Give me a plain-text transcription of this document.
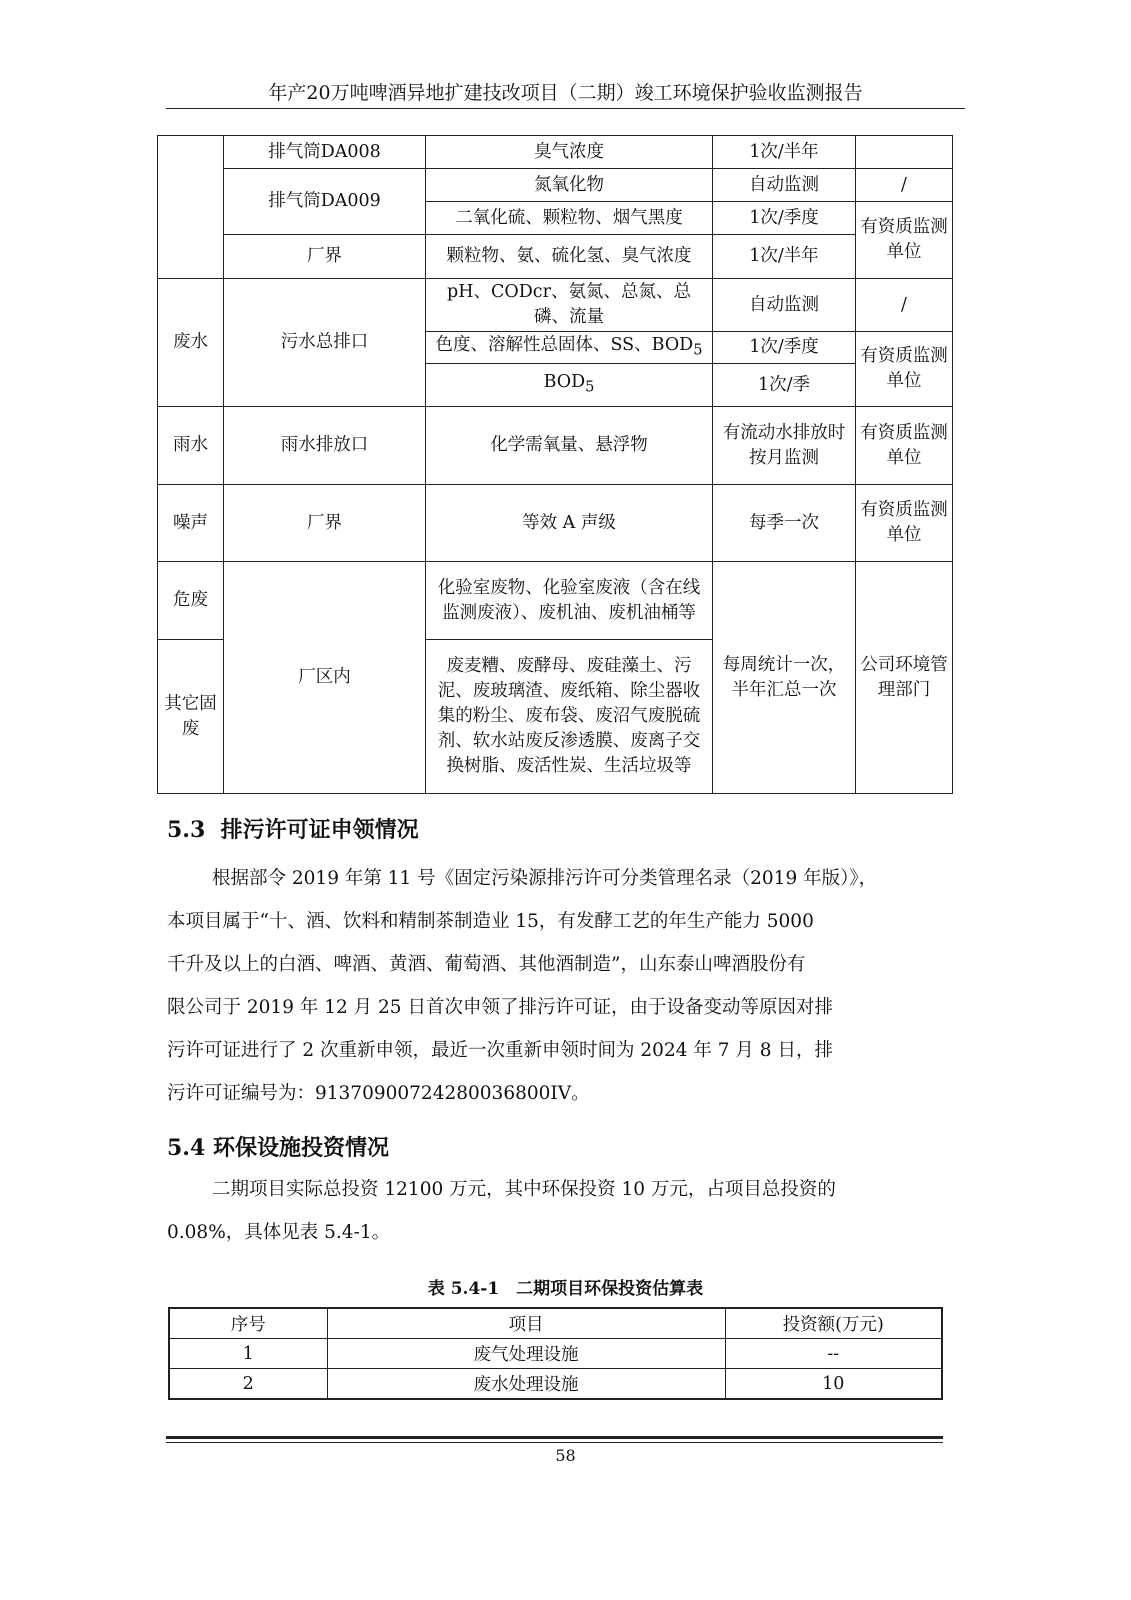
年产20万吨啤酒异地扩建技改项目（二期）竣工环境保护验收监测报告
	排气筒DA008	臭气浓度	1次/半年	
	排气筒DA009	氮氧化物	自动监测	/
		二氧化硫、颗粒物、烟气黑度	1次/季度	有资质监测单位
	厂界	颗粒物、氨、硫化氢、臭气浓度	1次/半年	
废水	污水总排口	pH、CODcr、氨氮、总氮、总磷、流量	自动监测	/
		色度、溶解性总固体、SS、$BOD_5$	1次/季度	有资质监测单位
		$BOD_5$	1次/季	
雨水	雨水排放口	化学需氧量、悬浮物	有流动水排放时按月监测	有资质监测单位
噪声	厂界	等效 A 声级	每季一次	有资质监测单位
危废	厂区内	化验室废物、化验室废液（含在线监测废液）、废机油、废机油桶等	每周统计一次，半年汇总一次	公司环境管理部门
其它固废		废麦糟、废酵母、废硅藻土、污泥、废玻璃渣、废纸箱、除尘器收集的粉尘、废布袋、废沼气废脱硫剂、软水站废反渗透膜、废离子交换树脂、废活性炭、生活垃圾等		
5.3 排污许可证申领情况

根据部令 2019 年第 11 号《固定污染源排污许可分类管理名录（2019 年版）》，

本项目属于“十、酒、饮料和精制茶制造业 15，有发酵工艺的年生产能力 5000

千升及以上的白酒、啤酒、黄酒、葡萄酒、其他酒制造”，山东泰山啤酒股份有

限公司于 2019 年 12 月 25 日首次申领了排污许可证，由于设备变动等原因对排

污许可证进行了 2 次重新申领，最近一次重新申领时间为 2024 年 7 月 8 日，排

污许可证编号为：91370900724280036800IV。

5.4 环保设施投资情况

二期项目实际总投资 12100 万元，其中环保投资 10 万元，占项目总投资的

0.08%，具体见表 5.4-1。

表 5.4-1　二期项目环保投资估算表
序号	项目	投资额(万元)
1	废气处理设施	--
2	废水处理设施	10
58
